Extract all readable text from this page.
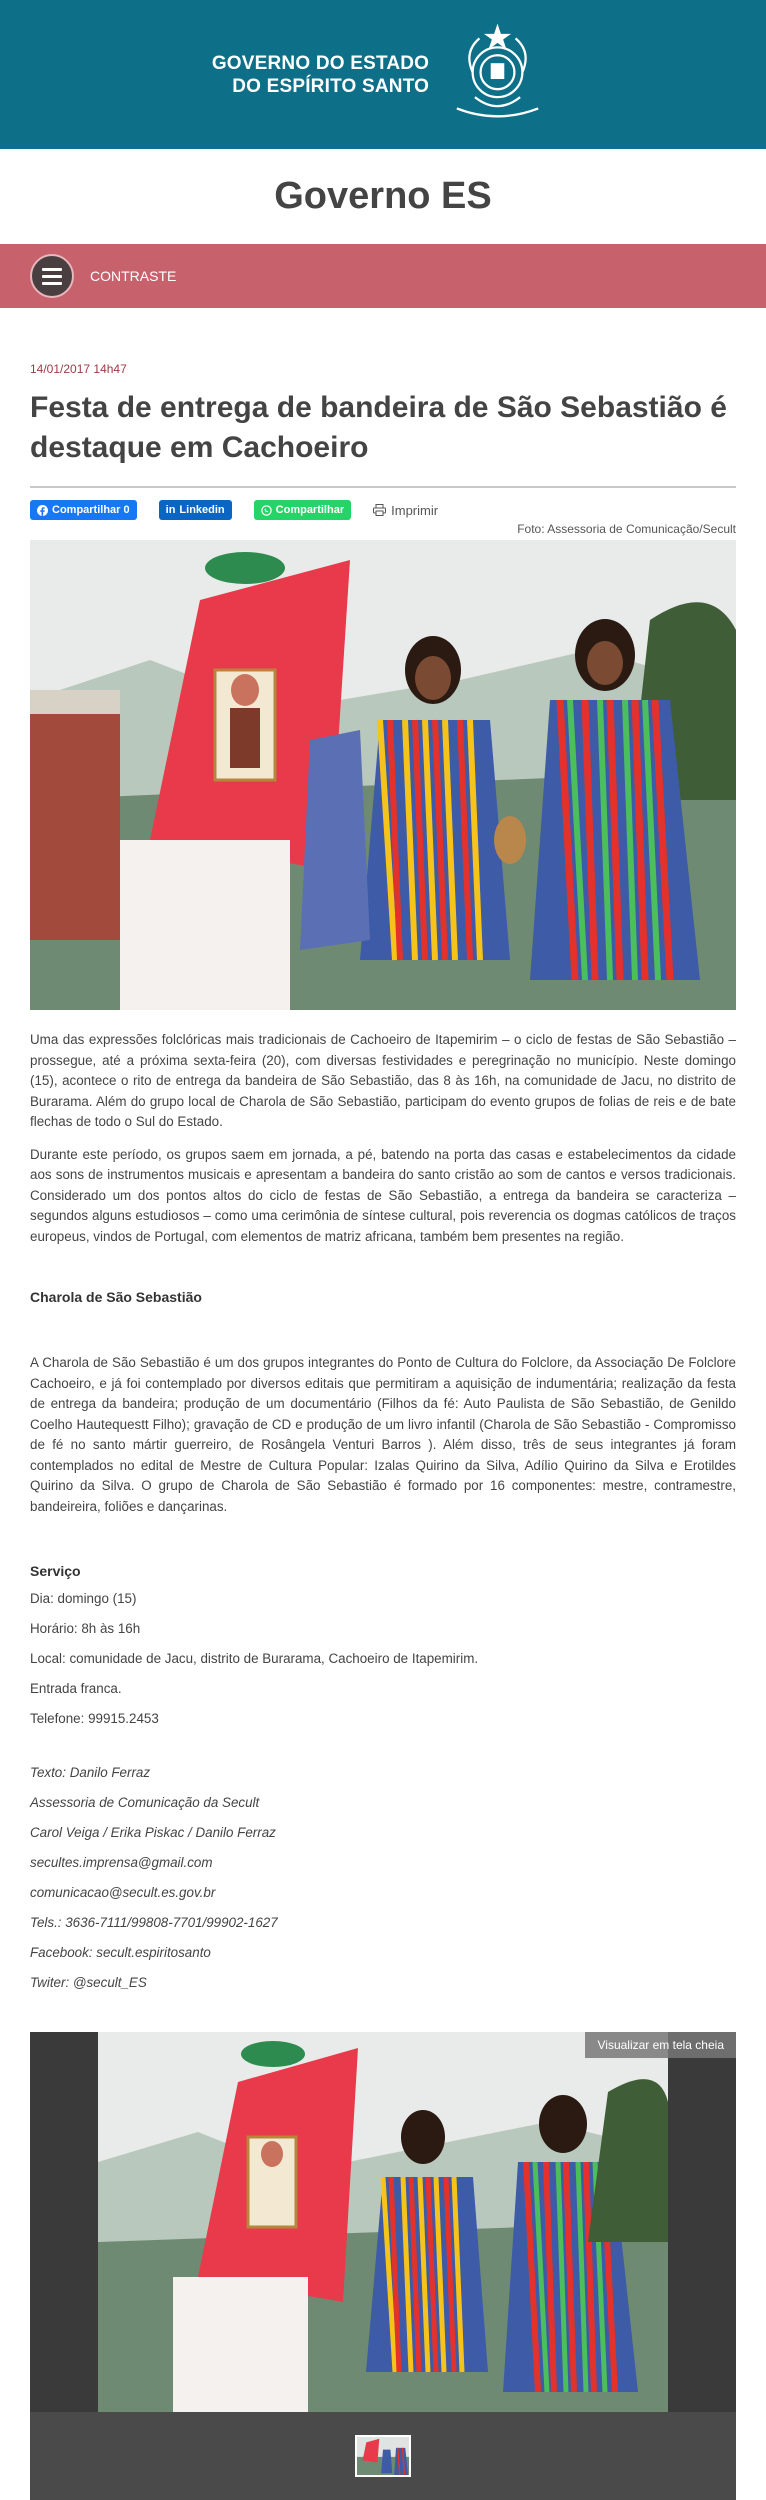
GOVERNO DO ESTADO
DO ESPÍRITO SANTO
Governo ES
CONTRASTE
14/01/2017 14h47
Festa de entrega de bandeira de São Sebastião é destaque em Cachoeiro
Compartilhar 0	in Linkedin	Compartilhar	Imprimir
Foto: Assessoria de Comunicação/Secult

Uma das expressões folclóricas mais tradicionais de Cachoeiro de Itapemirim – o ciclo de festas de São Sebastião – prossegue, até a próxima sexta-feira (20), com diversas festividades e peregrinação no município. Neste domingo (15), acontece o rito de entrega da bandeira de São Sebastião, das 8 às 16h, na comunidade de Jacu, no distrito de Burarama. Além do grupo local de Charola de São Sebastião, participam do evento grupos de folias de reis e de bate flechas de todo o Sul do Estado.

Durante este período, os grupos saem em jornada, a pé, batendo na porta das casas e estabelecimentos da cidade aos sons de instrumentos musicais e apresentam a bandeira do santo cristão ao som de cantos e versos tradicionais. Considerado um dos pontos altos do ciclo de festas de São Sebastião, a entrega da bandeira se caracteriza – segundos alguns estudiosos – como uma cerimônia de síntese cultural, pois reverencia os dogmas católicos de traços europeus, vindos de Portugal, com elementos de matriz africana, também bem presentes na região.

Charola de São Sebastião

A Charola de São Sebastião é um dos grupos integrantes do Ponto de Cultura do Folclore, da Associação De Folclore Cachoeiro, e já foi contemplado por diversos editais que permitiram a aquisição de indumentária; realização da festa de entrega da bandeira; produção de um documentário (Filhos da fé: Auto Paulista de São Sebastião, de Genildo Coelho Hautequestt Filho); gravação de CD e produção de um livro infantil (Charola de São Sebastião - Compromisso de fé no santo mártir guerreiro, de Rosângela Venturi Barros ). Além disso, três de seus integrantes já foram contemplados no edital de Mestre de Cultura Popular: Izalas Quirino da Silva, Adílio Quirino da Silva e Erotildes Quirino da Silva. O grupo de Charola de São Sebastião é formado por 16 componentes: mestre, contramestre, bandeireira, foliões e dançarinas.

Serviço
Dia: domingo (15)
Horário: 8h às 16h
Local: comunidade de Jacu, distrito de Burarama, Cachoeiro de Itapemirim.
Entrada franca.
Telefone: 99915.2453

Texto: Danilo Ferraz

Assessoria de Comunicação da Secult

Carol Veiga / Erika Piskac / Danilo Ferraz

secultes.imprensa@gmail.com

comunicacao@secult.es.gov.br

Tels.: 3636-7111/99808-7701/99902-1627

Facebook: secult.espiritosanto

Twiter: @secult_ES

Visualizar em tela cheia
